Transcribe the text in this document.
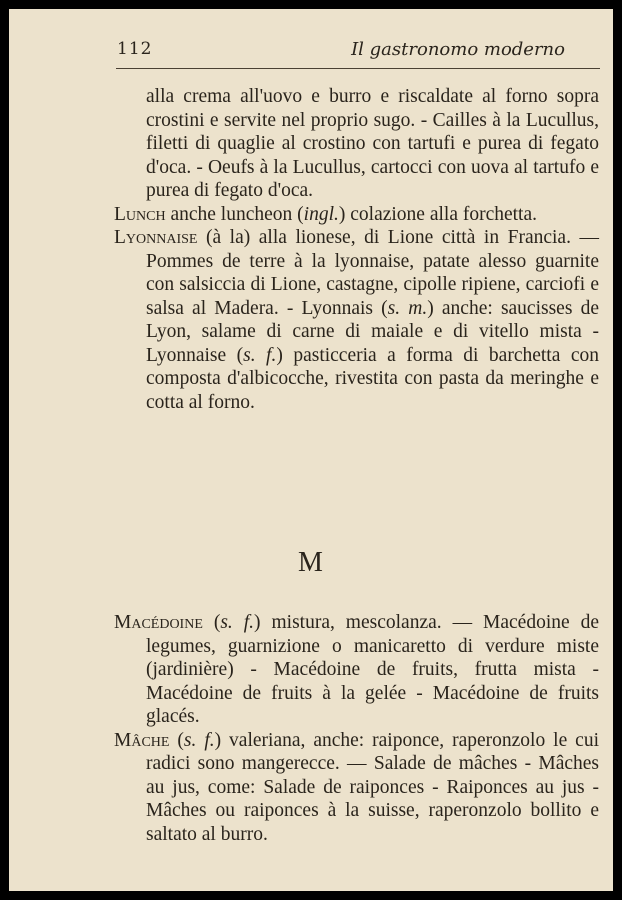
112	Il gastronomo moderno

alla crema all'uovo e burro e riscaldate al forno sopra crostini e servite nel proprio sugo. - Cailles à la Lucullus, filetti di quaglie al crostino con tartufi e purea di fegato d'oca. - Oeufs à la Lucullus, cartocci con uova al tartufo e purea di fegato d'oca.

Lunch anche luncheon (ingl.) colazione alla forchetta.

Lyonnaise (à la) alla lionese, di Lione città in Francia. — Pommes de terre à la lyonnaise, patate alesso guarnite con salsiccia di Lione, castagne, cipolle ripiene, carciofi e salsa al Madera. - Lyonnais (s. m.) anche: saucisses de Lyon, salame di carne di maiale e di vitello mista - Lyonnaise (s. f.) pasticceria a forma di barchetta con composta d'albicocche, rivestita con pasta da meringhe e cotta al forno.

M

Macédoine (s. f.) mistura, mescolanza. — Macédoine de legumes, guarnizione o manicaretto di verdure miste (jardinière) - Macédoine de fruits, frutta mista - Macédoine de fruits à la gelée - Macédoine de fruits glacés.

Mâche (s. f.) valeriana, anche: raiponce, raperonzolo le cui radici sono mangerecce. — Salade de mâches - Mâches au jus, come: Salade de raiponces - Raiponces au jus - Mâches ou raiponces à la suisse, raperonzolo bollito e saltato al burro.
